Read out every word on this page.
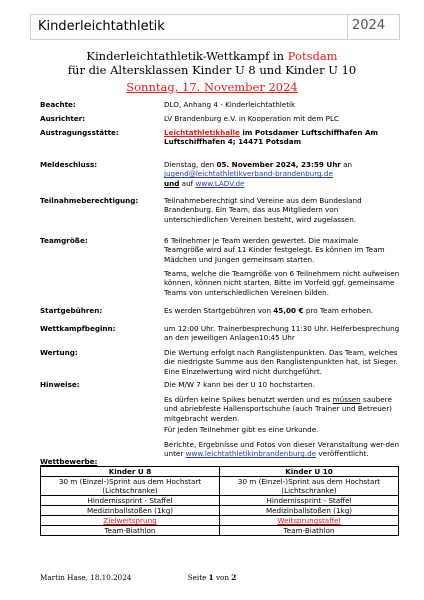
Kinderleichtathletik	2024
Kinderleichtathletik-Wettkampf in Potsdam
für die Altersklassen Kinder U 8 und Kinder U 10
Sonntag, 17. November 2024
Beachte:	DLO, Anhang 4 - Kinderleichtathletik
Ausrichter:	LV Brandenburg e.V. in Kooperation mit dem PLC
Austragungsstätte:	Leichtathletikhalle im Potsdamer Luftschiffhafen Am Luftschiffhafen 4; 14471 Potsdam
Meldeschluss:	Dienstag, den 05. November 2024, 23:59 Uhr an
jugend@leichtathletikverband-brandenburg.de
und auf www.LADV.de
Teilnahmeberechtigung:	Teilnahmeberechtigt sind Vereine aus dem Bundesland Brandenburg. Ein Team, das aus Mitgliedern von unterschiedlichen Vereinen besteht, wird zugelassen.
Teamgröße:	6 Teilnehmer je Team werden gewertet. Die maximale Teamgröße wird auf 11 Kinder festgelegt. Es können im Team Mädchen und Jungen gemeinsam starten.
Teams, welche die Teamgröße von 6 Teilnehmern nicht aufweisen können, können nicht starten. Bitte im Vorfeld ggf. gemeinsame Teams von unterschiedlichen Vereinen bilden.
Startgebühren:	Es werden Startgebühren von 45,00 € pro Team erhoben.
Wettkampfbeginn:	um 12:00 Uhr. Trainerbesprechung 11:30 Uhr. Helferbesprechung an den jeweiligen Anlagen10:45 Uhr
Wertung:	Die Wertung erfolgt nach Ranglistenpunkten. Das Team, welches die niedrigste Summe aus den Ranglistenpunkten hat, ist Sieger. Eine Einzelwertung wird nicht durchgeführt.
Hinweise:	Die M/W 7 kann bei der U 10 hochstarten.
Es dürfen keine Spikes benutzt werden und es müssen saubere und abriebfeste Hallensportschuhe (auch Trainer und Betreuer) mitgebracht werden.
Für jeden Teilnehmer gibt es eine Urkunde.
Berichte, Ergebnisse und Fotos von dieser Veranstaltung wer-den unter www.leichtathletikinbrandenburg.de veröffentlicht.
Wettbewerbe:
Kinder U 8	Kinder U 10
30 m (Einzel-)Sprint aus dem Hochstart (Lichtschranke)	30 m (Einzel-)Sprint aus dem Hochstart (Lichtschranke)
Hindernissprint - Staffel	Hindernissprint - Staffel
Medizinballstoßen (1kg)	Medizinballstoßen (1kg)
Zielweitsprung	Weitsprungstaffel
Team-Biathlon	Team-Biathlon
Martin Hase, 18.10.2024	Seite 1 von 2
